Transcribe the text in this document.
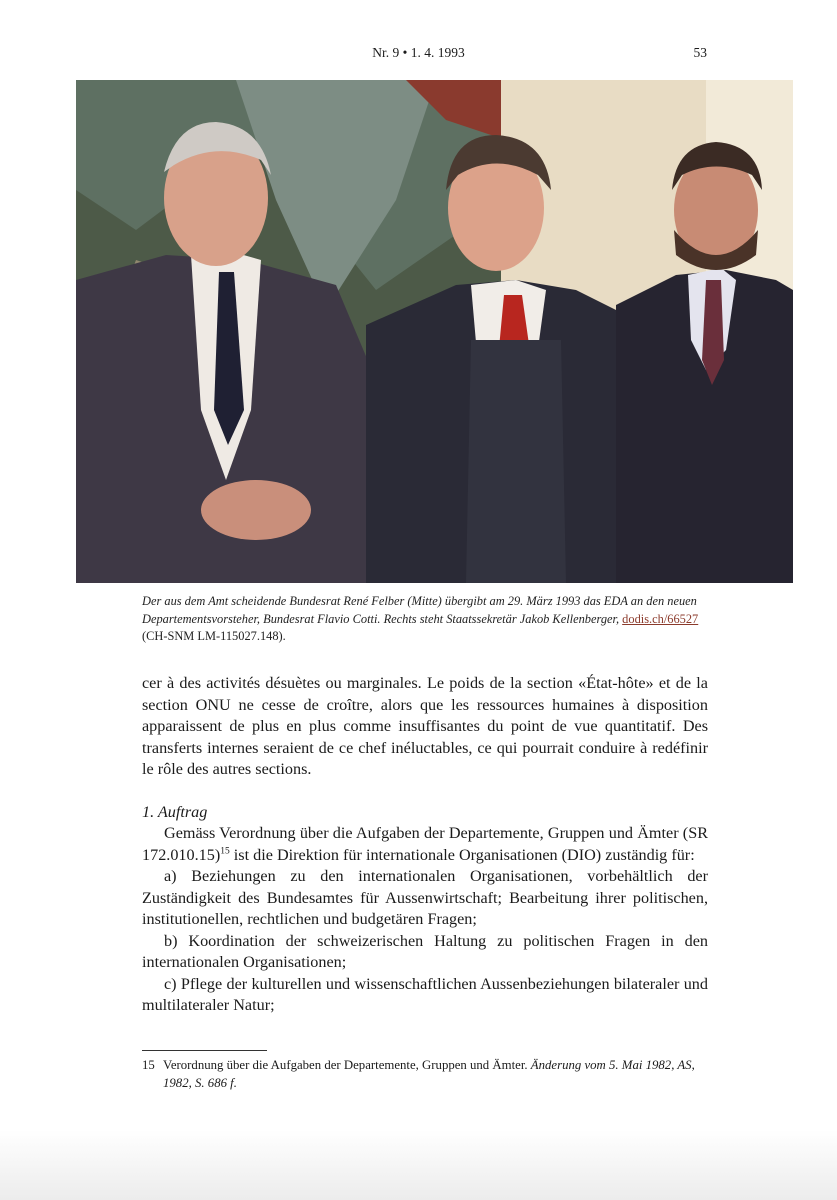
Nr. 9 • 1. 4. 1993	53
Der aus dem Amt scheidende Bundesrat René Felber (Mitte) übergibt am 29. März 1993 das EDA an den neuen Departementsvorsteher, Bundesrat Flavio Cotti. Rechts steht Staatssekretär Jakob Kellenberger, dodis.ch/66527 (CH-SNM LM-115027.148).

cer à des activités désuètes ou marginales. Le poids de la section «État-hôte» et de la section ONU ne cesse de croître, alors que les ressources humaines à disposition apparaissent de plus en plus comme insuffisantes du point de vue quantitatif. Des transferts internes seraient de ce chef inéluctables, ce qui pourrait conduire à redéfinir le rôle des autres sections.

1. Auftrag

Gemäss Verordnung über die Aufgaben der Departemente, Gruppen und Ämter (SR 172.010.15)$^{15}$ ist die Direktion für internationale Organisationen (DIO) zuständig für:

a) Beziehungen zu den internationalen Organisationen, vorbehältlich der Zuständigkeit des Bundesamtes für Aussenwirtschaft; Bearbeitung ihrer politischen, institutionellen, rechtlichen und budgetären Fragen;

b) Koordination der schweizerischen Haltung zu politischen Fragen in den internationalen Organisationen;

c) Pflege der kulturellen und wissenschaftlichen Aussenbeziehungen bilateraler und multilateraler Natur;

15 Verordnung über die Aufgaben der Departemente, Gruppen und Ämter. Änderung vom 5. Mai 1982, AS, 1982, S. 686 f.
